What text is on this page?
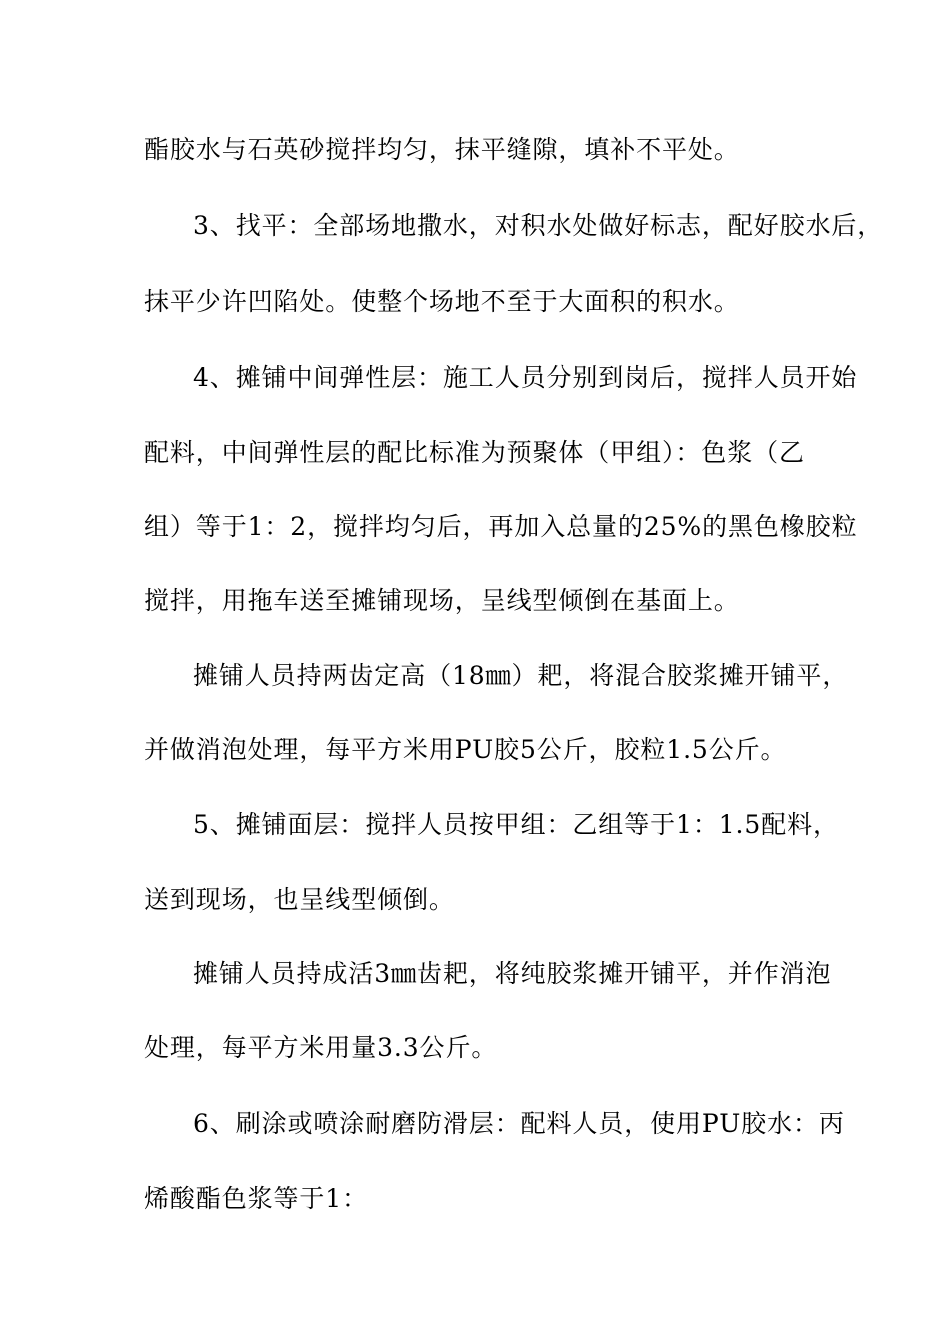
酯胶水与石英砂搅拌均匀，抹平缝隙，填补不平处。
3、找平：全部场地撒水，对积水处做好标志，配好胶水后，
抹平少许凹陷处。使整个场地不至于大面积的积水。
4、摊铺中间弹性层：施工人员分别到岗后，搅拌人员开始
配料，中间弹性层的配比标准为预聚体（甲组）：色浆（乙
组）等于1：2，搅拌均匀后，再加入总量的25%的黑色橡胶粒
搅拌，用拖车送至摊铺现场，呈线型倾倒在基面上。
摊铺人员持两齿定高（18㎜）耙，将混合胶浆摊开铺平，
并做消泡处理，每平方米用PU胶5公斤，胶粒1.5公斤。
5、摊铺面层：搅拌人员按甲组：乙组等于1：1.5配料，
送到现场，也呈线型倾倒。
摊铺人员持成活3㎜齿耙，将纯胶浆摊开铺平，并作消泡
处理，每平方米用量3.3公斤。
6、刷涂或喷涂耐磨防滑层：配料人员，使用PU胶水：丙
烯酸酯色浆等于1：
